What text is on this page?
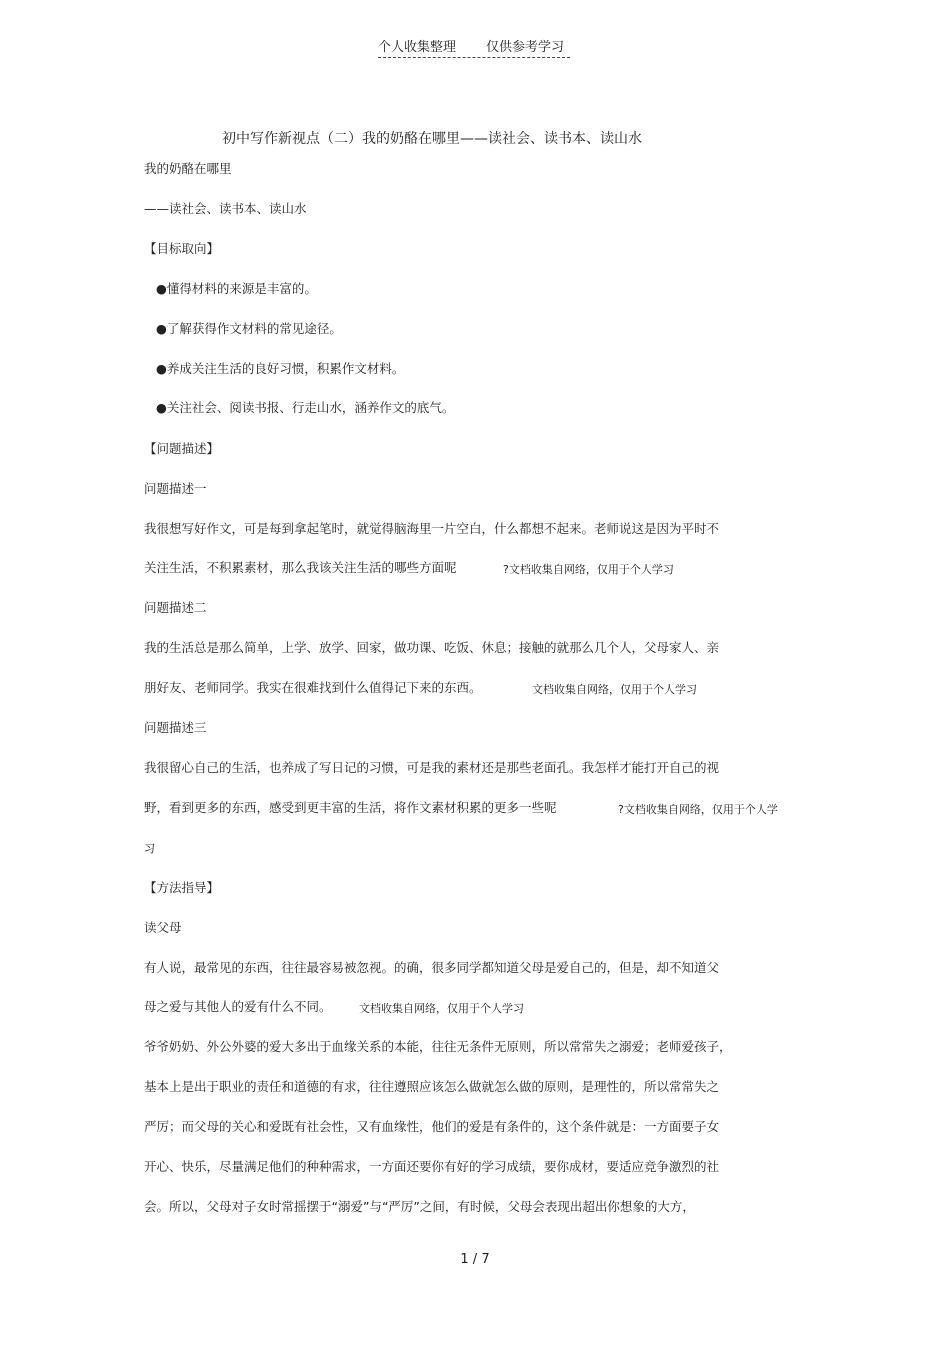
个人收集整理 仅供参考学习
初中写作新视点（二）我的奶酪在哪里——读社会、读书本、读山水
我的奶酪在哪里
——读社会、读书本、读山水
【目标取向】
●懂得材料的来源是丰富的。
●了解获得作文材料的常见途径。
●养成关注生活的良好习惯，积累作文材料。
●关注社会、阅读书报、行走山水，涵养作文的底气。
【问题描述】
问题描述一
我很想写好作文，可是每到拿起笔时，就觉得脑海里一片空白，什么都想不起来。老师说这是因为平时不
关注生活，不积累素材，那么我该关注生活的哪些方面呢	?文档收集自网络，仅用于个人学习
问题描述二
我的生活总是那么简单，上学、放学、回家，做功课、吃饭、休息；接触的就那么几个人，父母家人、亲
朋好友、老师同学。我实在很难找到什么值得记下来的东西。	文档收集自网络，仅用于个人学习
问题描述三
我很留心自己的生活，也养成了写日记的习惯，可是我的素材还是那些老面孔。我怎样才能打开自己的视
野，看到更多的东西，感受到更丰富的生活，将作文素材积累的更多一些呢	?文档收集自网络，仅用于个人学
习
【方法指导】
读父母
有人说，最常见的东西，往往最容易被忽视。的确，很多同学都知道父母是爱自己的，但是，却不知道父
母之爱与其他人的爱有什么不同。 文档收集自网络，仅用于个人学习
爷爷奶奶、外公外婆的爱大多出于血缘关系的本能，往往无条件无原则，所以常常失之溺爱；老师爱孩子，
基本上是出于职业的责任和道德的有求，往往遵照应该怎么做就怎么做的原则，是理性的，所以常常失之
严厉；而父母的关心和爱既有社会性，又有血缘性，他们的爱是有条件的，这个条件就是：一方面要子女
开心、快乐，尽量满足他们的种种需求，一方面还要你有好的学习成绩，要你成材，要适应竞争激烈的社
会。所以，父母对子女时常摇摆于“溺爱”与“严厉”之间，有时候，父母会表现出超出你想象的大方，
1 / 7
